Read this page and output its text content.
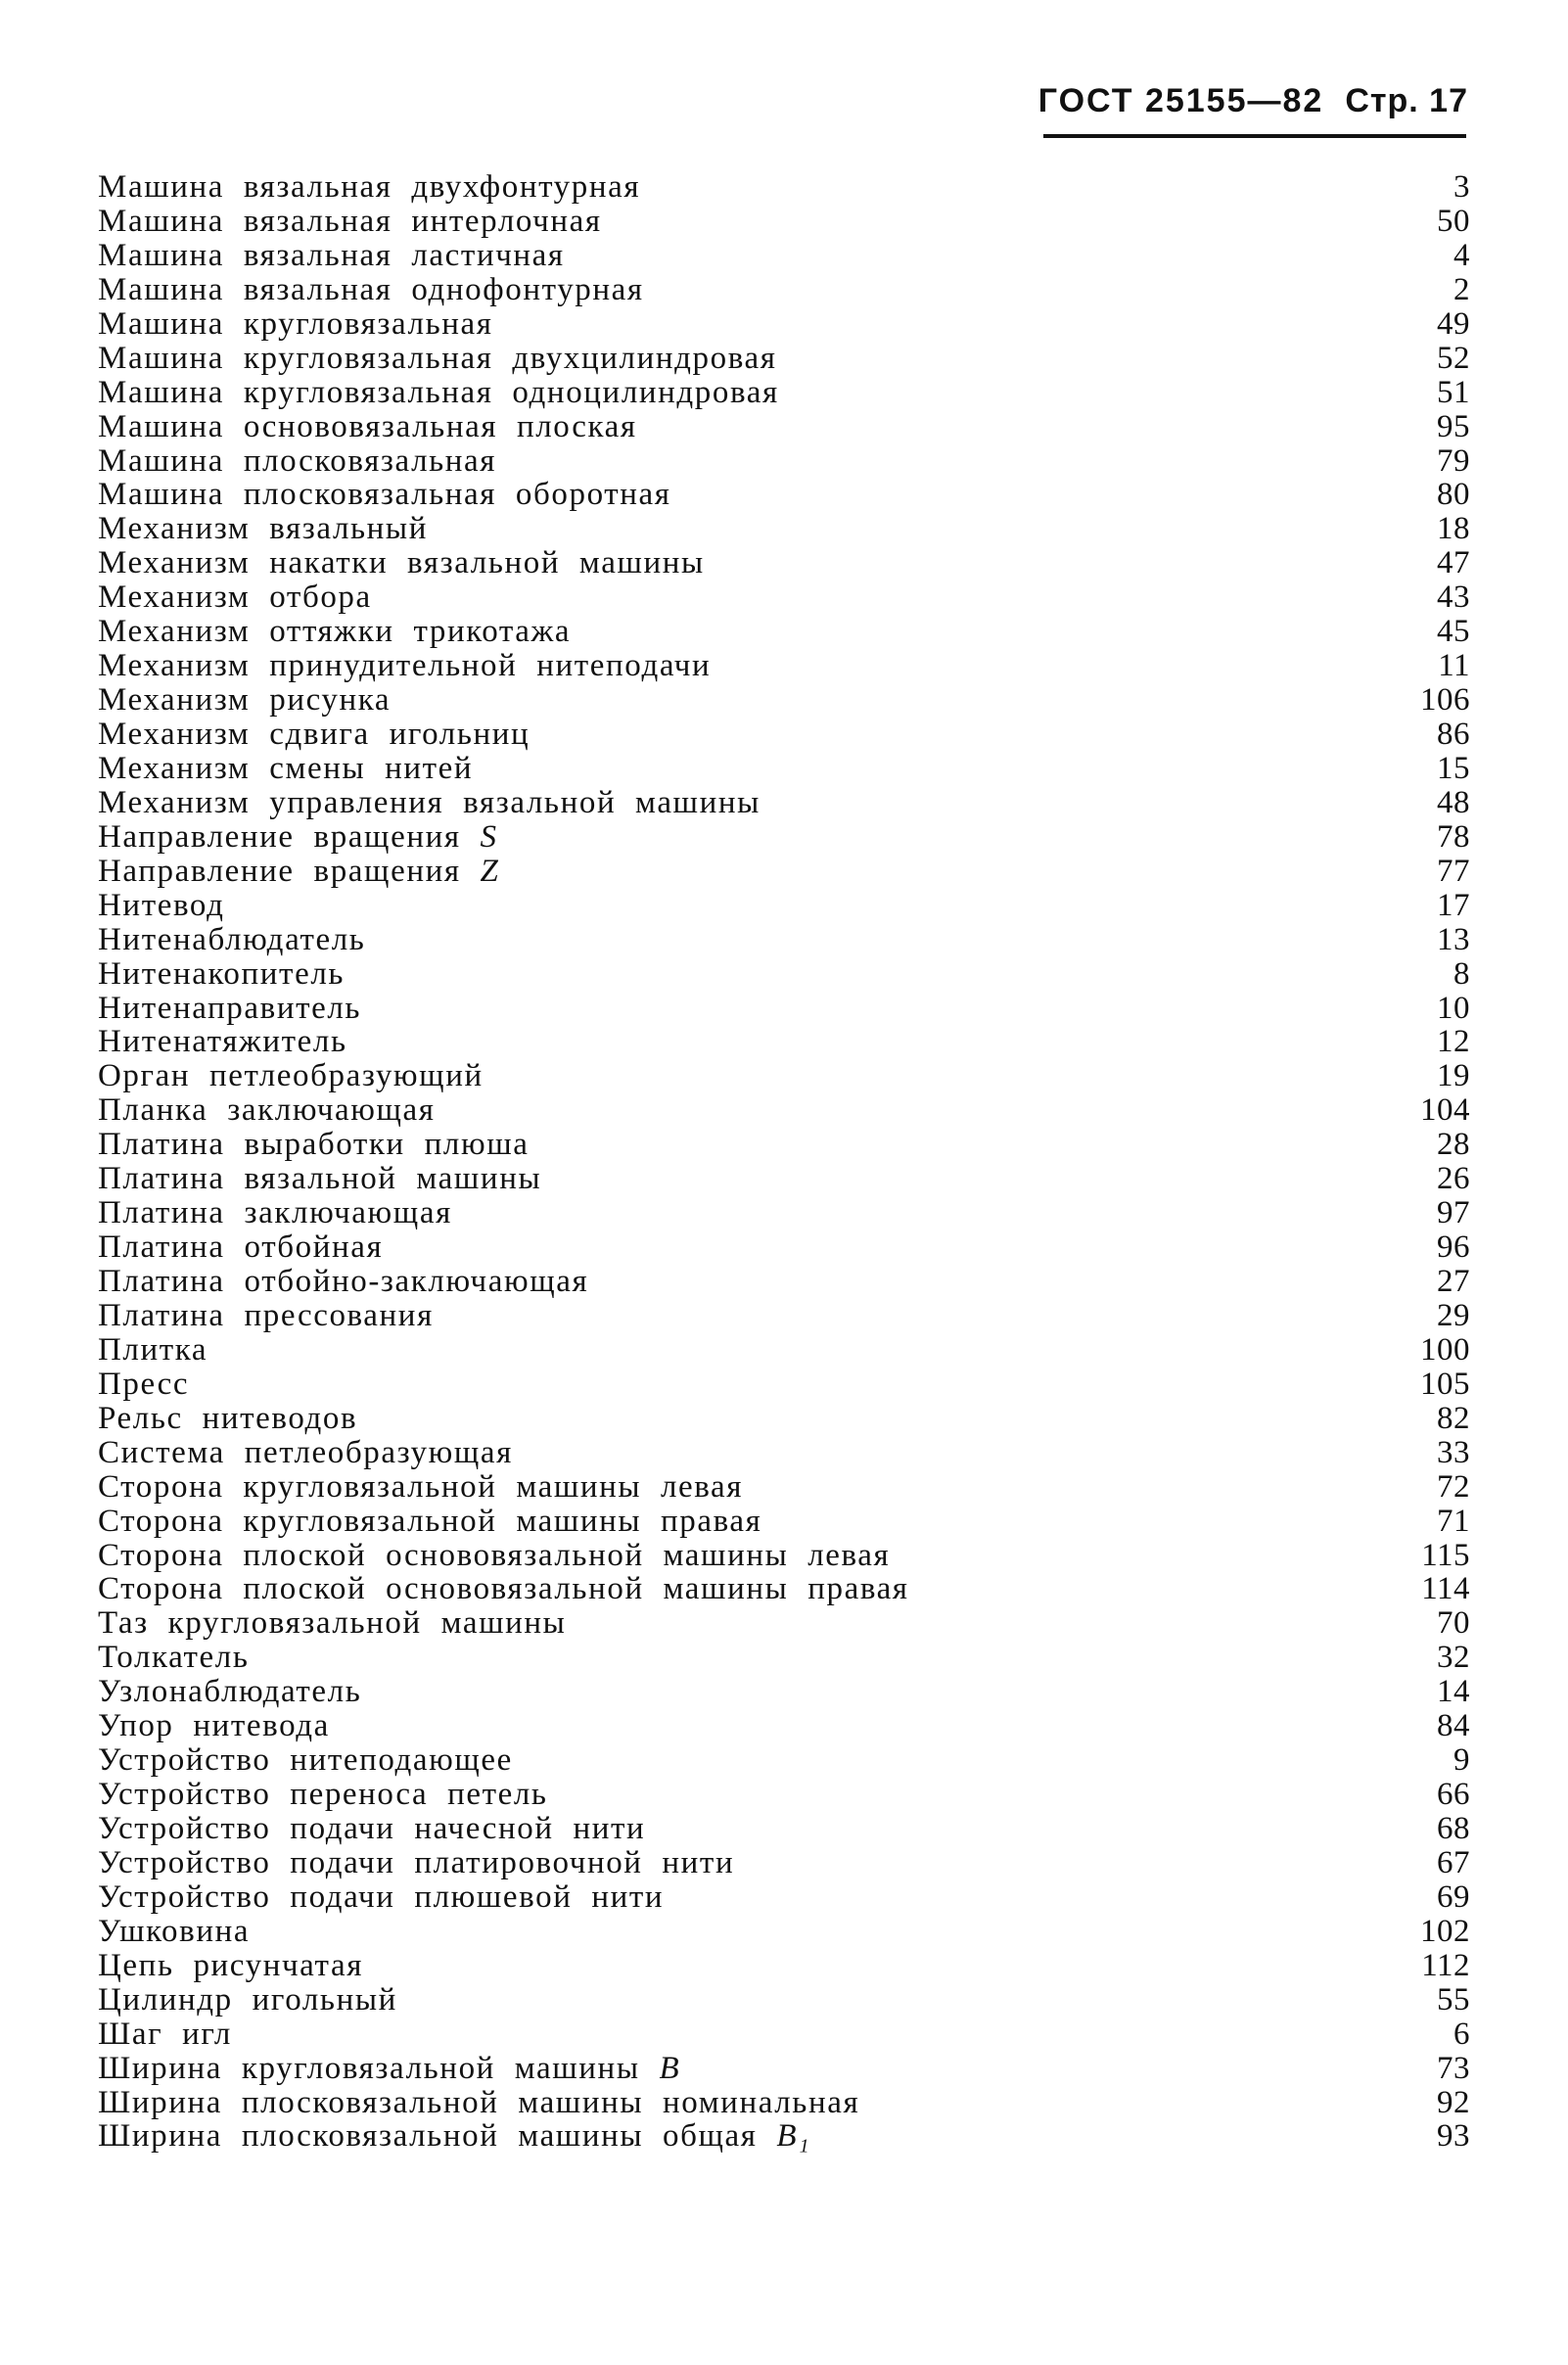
ГОСТ 25155—82 Стр. 17
Машина вязальная двухфонтурная	3
Машина вязальная интерлочная	50
Машина вязальная ластичная	4
Машина вязальная однофонтурная	2
Машина кругловязальная	49
Машина кругловязальная двухцилиндровая	52
Машина кругловязальная одноцилиндровая	51
Машина основовязальная плоская	95
Машина плосковязальная	79
Машина плосковязальная оборотная	80
Механизм вязальный	18
Механизм накатки вязальной машины	47
Механизм отбора	43
Механизм оттяжки трикотажа	45
Механизм принудительной нитеподачи	11
Механизм рисунка	106
Механизм сдвига игольниц	86
Механизм смены нитей	15
Механизм управления вязальной машины	48
Направление вращения S	78
Направление вращения Z	77
Нитевод	17
Нитенаблюдатель	13
Нитенакопитель	8
Нитенаправитель	10
Нитенатяжитель	12
Орган петлеобразующий	19
Планка заключающая	104
Платина выработки плюша	28
Платина вязальной машины	26
Платина заключающая	97
Платина отбойная	96
Платина отбойно-заключающая	27
Платина прессования	29
Плитка	100
Пресс	105
Рельс нитеводов	82
Система петлеобразующая	33
Сторона кругловязальной машины левая	72
Сторона кругловязальной машины правая	71
Сторона плоской основовязальной машины левая	115
Сторона плоской основовязальной машины правая	114
Таз кругловязальной машины	70
Толкатель	32
Узлонаблюдатель	14
Упор нитевода	84
Устройство нитеподающее	9
Устройство переноса петель	66
Устройство подачи начесной нити	68
Устройство подачи платировочной нити	67
Устройство подачи плюшевой нити	69
Ушковина	102
Цепь рисунчатая	112
Цилиндр игольный	55
Шаг игл	6
Ширина кругловязальной машины B	73
Ширина плосковязальной машины номинальная	92
Ширина плосковязальной машины общая B₁	93
